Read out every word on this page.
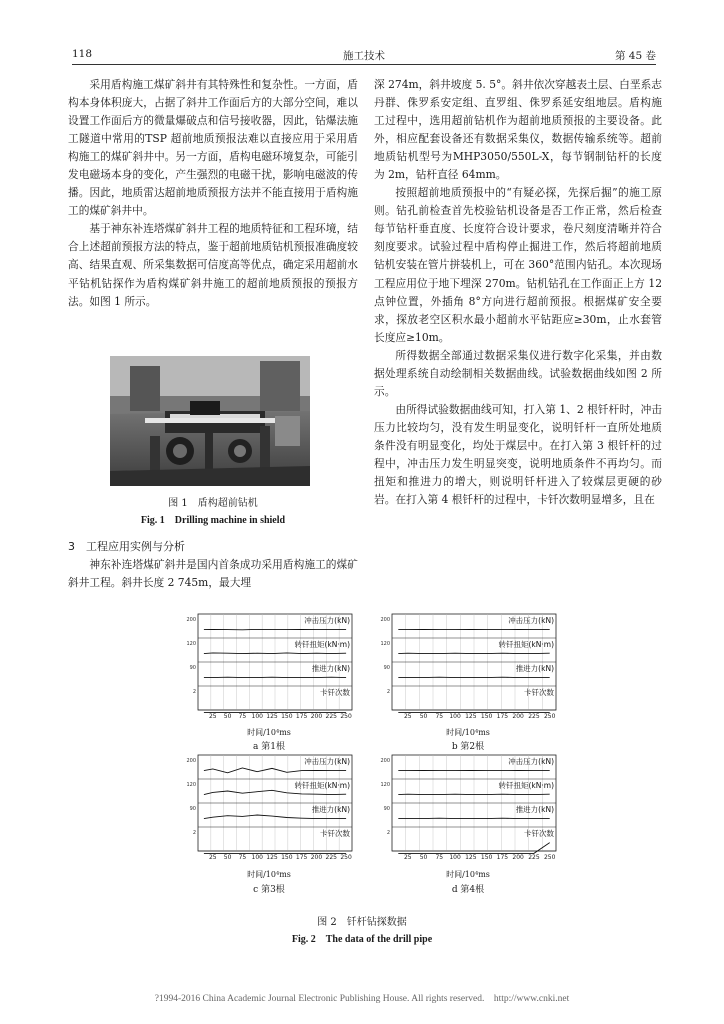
118	施工技术	第 45 卷

采用盾构施工煤矿斜井有其特殊性和复杂性。一方面，盾构本身体积庞大，占据了斜井工作面后方的大部分空间，难以设置工作面后方的微量爆破点和信号接收器，因此，钻爆法施工隧道中常用的TSP 超前地质预报法难以直接应用于采用盾构施工的煤矿斜井中。另一方面，盾构电磁环境复杂，可能引发电磁场本身的变化，产生强烈的电磁干扰，影响电磁波的传播。因此，地质雷达超前地质预报方法并不能直接用于盾构施工的煤矿斜井中。

基于神东补连塔煤矿斜井工程的地质特征和工程环境，结合上述超前预报方法的特点，鉴于超前地质钻机预报准确度较高、结果直观、所采集数据可信度高等优点，确定采用超前水平钻机钻探作为盾构煤矿斜井施工的超前地质预报的预报方法。如图 1 所示。

图 1　盾构超前钻机
Fig. 1　Drilling machine in shield
3　工程应用实例与分析

神东补连塔煤矿斜井是国内首条成功采用盾构施工的煤矿斜井工程。斜井长度 2 745m，最大埋

深 274m，斜井坡度 5. 5°。斜井依次穿越表土层、白垩系志丹群、侏罗系安定组、直罗组、侏罗系延安组地层。盾构施工过程中，选用超前钻机作为超前地质预报的主要设备。此外，相应配套设备还有数据采集仪，数据传输系统等。超前地质钻机型号为MHP3050/550L-X，每节钢制钻杆的长度为 2m，钻杆直径 64mm。

按照超前地质预报中的“有疑必探，先探后掘”的施工原则。钻孔前检查首先校验钻机设备是否工作正常，然后检查每节钻杆垂直度、长度符合设计要求，卷尺刻度清晰并符合刻度要求。试验过程中盾构停止掘进工作，然后将超前地质钻机安装在管片拼装机上，可在 360°范围内钻孔。本次现场工程应用位于地下埋深 270m。钻机钻孔在工作面正上方 12 点钟位置，外插角 8°方向进行超前预报。根据煤矿安全要求，探放老空区积水最小超前水平钻距应≥30m，止水套管长度应≥10m。

所得数据全部通过数据采集仪进行数字化采集，并由数据处理系统自动绘制相关数据曲线。试验数据曲线如图 2 所示。

由所得试验数据曲线可知，打入第 1、2 根钎杆时，冲击压力比较均匀，没有发生明显变化，说明钎杆一直所处地质条件没有明显变化，均处于煤层中。在打入第 3 根钎杆的过程中，冲击压力发生明显突变，说明地质条件不再均匀。而扭矩和推进力的增大，则说明钎杆进入了较煤层更硬的砂岩。在打入第 4 根钎杆的过程中，卡钎次数明显增多，且在

冲击压力(kN)
200
转钎扭矩(kN·m)
120
推进力(kN)
90
卡钎次数
2
25 50 75 100 125 150 175 200 225 250
时间/10⁴ms
a 第1根
冲击压力(kN)
200
转钎扭矩(kN·m)
120
推进力(kN)
90
卡钎次数
2
25 50 75 100 125 150 175 200 225 250
时间/10⁴ms
b 第2根
冲击压力(kN)
200
转钎扭矩(kN·m)
120
推进力(kN)
90
卡钎次数
2
25 50 75 100 125 150 175 200 225 250
时间/10⁴ms
c 第3根
冲击压力(kN)
200
转钎扭矩(kN·m)
120
推进力(kN)
90
卡钎次数
2
25 50 75 100 125 150 175 200 225 250
时间/10⁴ms
d 第4根
图 2　钎杆钻探数据
Fig. 2　The data of the drill pipe
?1994-2016 China Academic Journal Electronic Publishing House. All rights reserved.　http://www.cnki.net
